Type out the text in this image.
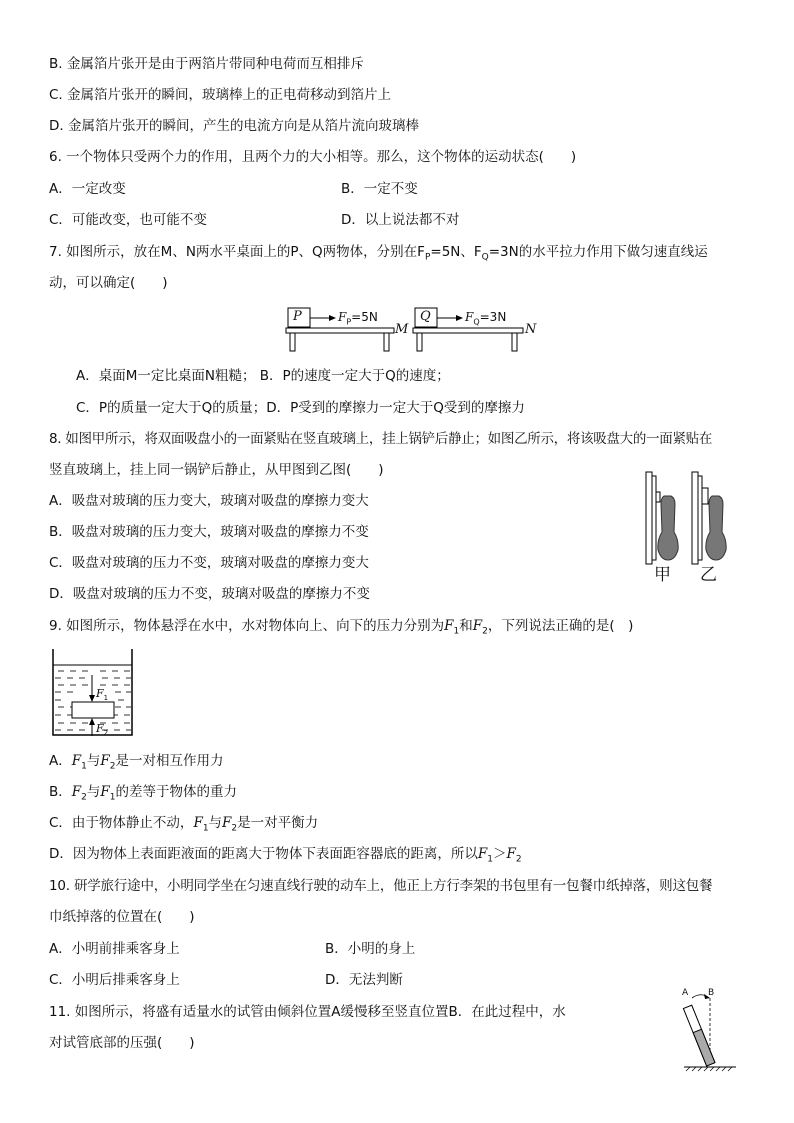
B. 金属箔片张开是由于两箔片带同种电荷而互相排斥
C. 金属箔片张开的瞬间，玻璃棒上的正电荷移动到箔片上
D. 金属箔片张开的瞬间，产生的电流方向是从箔片流向玻璃棒
6. 一个物体只受两个力的作用，且两个力的大小相等。那么，这个物体的运动状态(　　)
A．一定改变	B．一定不变
C．可能改变，也可能不变	D．以上说法都不对
7. 如图所示，放在M、N两水平桌面上的P、Q两物体，分别在$F_P=5N$、$F_Q=3N$的水平拉力作用下做匀速直线运
动，可以确定(　　)
P	$F_P=5N$
M
Q	$F_Q=3N$
N
A．桌面M一定比桌面N粗糙； B．P的速度一定大于Q的速度；
C．P的质量一定大于Q的质量；D．P受到的摩擦力一定大于Q受到的摩擦力
8. 如图甲所示，将双面吸盘小的一面紧贴在竖直玻璃上，挂上锅铲后静止；如图乙所示，将该吸盘大的一面紧贴在
竖直玻璃上，挂上同一锅铲后静止，从甲图到乙图(　　)
A．吸盘对玻璃的压力变大，玻璃对吸盘的摩擦力变大
B．吸盘对玻璃的压力变大，玻璃对吸盘的摩擦力不变
C．吸盘对玻璃的压力不变，玻璃对吸盘的摩擦力变大
D．吸盘对玻璃的压力不变，玻璃对吸盘的摩擦力不变
甲 乙
9. 如图所示，物体悬浮在水中，水对物体向上、向下的压力分别为$F_1$和$F_2$，下列说法正确的是(　)
$F_1$
$F_2$
A．$F_1$与$F_2$是一对相互作用力
B．$F_2$与$F_1$的差等于物体的重力
C．由于物体静止不动，$F_1$与$F_2$是一对平衡力
D．因为物体上表面距液面的距离大于物体下表面距容器底的距离，所以$F_1>F_2$
10. 研学旅行途中，小明同学坐在匀速直线行驶的动车上，他正上方行李架的书包里有一包餐巾纸掉落，则这包餐
巾纸掉落的位置在(　　)
A．小明前排乘客身上	B．小明的身上
C．小明后排乘客身上	D．无法判断
11. 如图所示，将盛有适量水的试管由倾斜位置A缓慢移至竖直位置B．在此过程中，水
对试管底部的压强(　　)
A B
